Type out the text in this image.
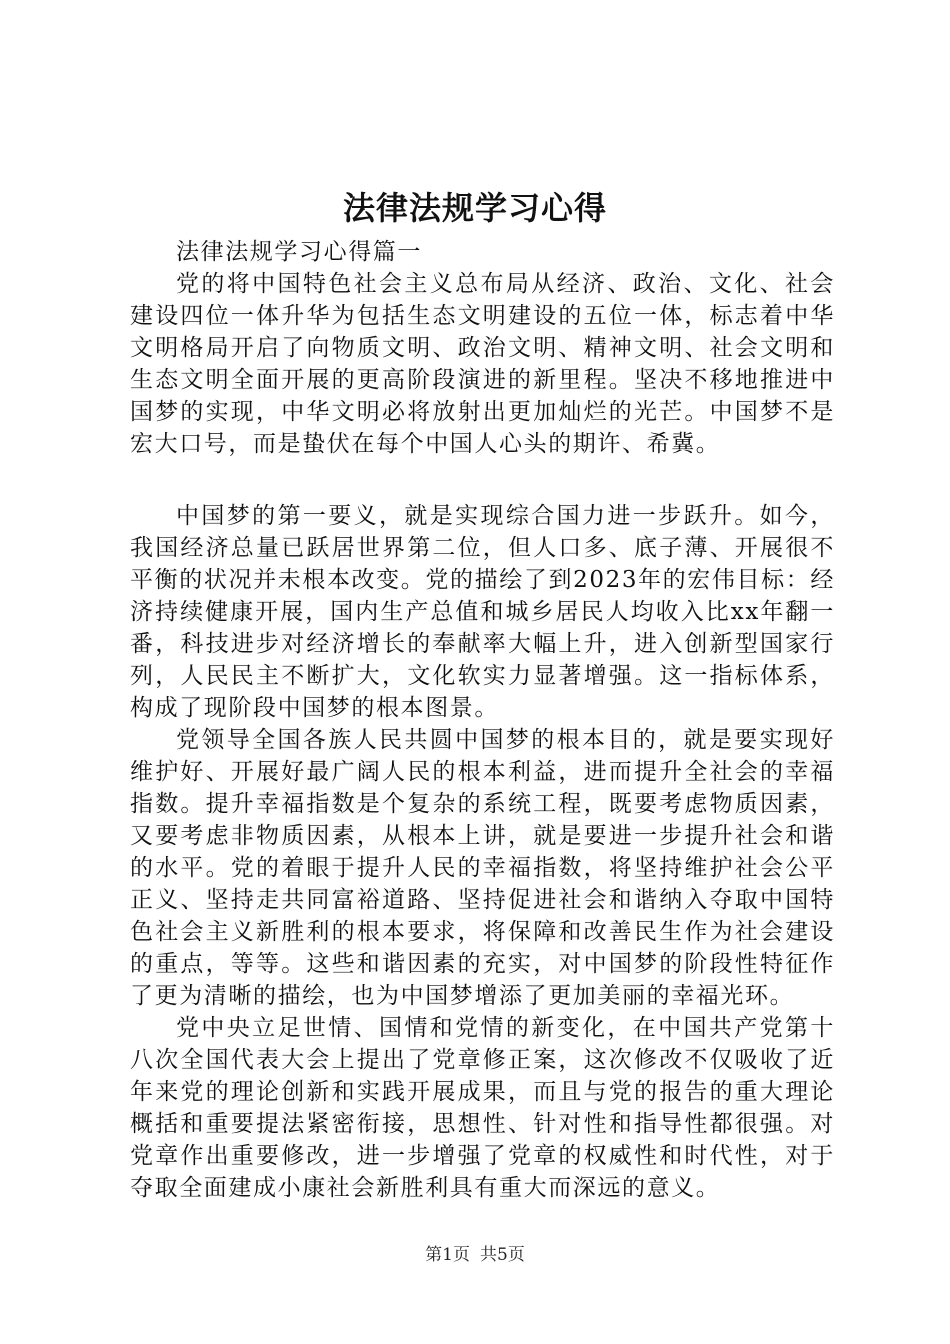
法律法规学习心得

法律法规学习心得篇一

党的将中国特色社会主义总布局从经济、政治、文化、社会建设四位一体升华为包括生态文明建设的五位一体，标志着中华文明格局开启了向物质文明、政治文明、精神文明、社会文明和生态文明全面开展的更高阶段演进的新里程。坚决不移地推进中国梦的实现，中华文明必将放射出更加灿烂的光芒。中国梦不是宏大口号，而是蛰伏在每个中国人心头的期许、希冀。

中国梦的第一要义，就是实现综合国力进一步跃升。如今，我国经济总量已跃居世界第二位，但人口多、底子薄、开展很不平衡的状况并未根本改变。党的描绘了到2023年的宏伟目标：经济持续健康开展，国内生产总值和城乡居民人均收入比xx年翻一番，科技进步对经济增长的奉献率大幅上升，进入创新型国家行列，人民民主不断扩大，文化软实力显著增强。这一指标体系，构成了现阶段中国梦的根本图景。

党领导全国各族人民共圆中国梦的根本目的，就是要实现好维护好、开展好最广阔人民的根本利益，进而提升全社会的幸福指数。提升幸福指数是个复杂的系统工程，既要考虑物质因素，又要考虑非物质因素，从根本上讲，就是要进一步提升社会和谐的水平。党的着眼于提升人民的幸福指数，将坚持维护社会公平正义、坚持走共同富裕道路、坚持促进社会和谐纳入夺取中国特色社会主义新胜利的根本要求，将保障和改善民生作为社会建设的重点，等等。这些和谐因素的充实，对中国梦的阶段性特征作了更为清晰的描绘，也为中国梦增添了更加美丽的幸福光环。

党中央立足世情、国情和党情的新变化，在中国共产党第十八次全国代表大会上提出了党章修正案，这次修改不仅吸收了近年来党的理论创新和实践开展成果，而且与党的报告的重大理论概括和重要提法紧密衔接，思想性、针对性和指导性都很强。对党章作出重要修改，进一步增强了党章的权威性和时代性，对于夺取全面建成小康社会新胜利具有重大而深远的意义。

第1页 共5页
